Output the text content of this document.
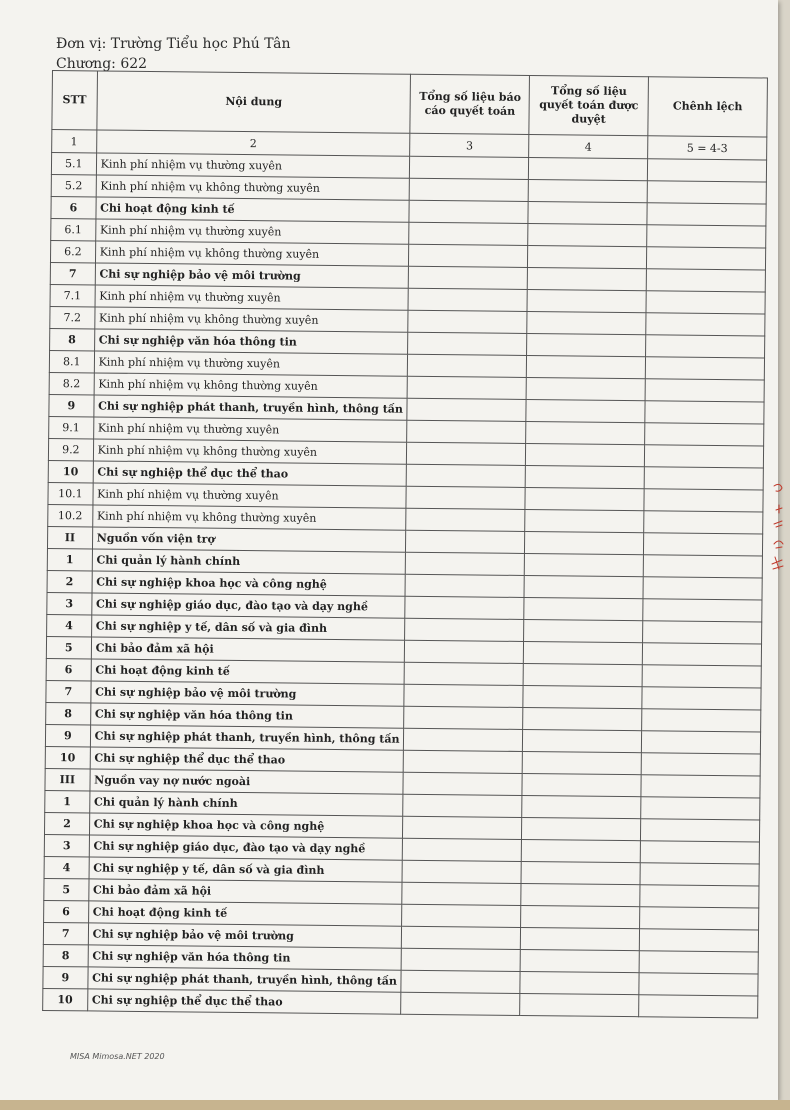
Đơn vị: Trường Tiểu học Phú Tân
Chương: 622
STT	Nội dung	Tổng số liệu báo cáo quyết toán	Tổng số liệu quyết toán được duyệt	Chênh lệch
1	2	3	4	5 = 4-3
5.1	Kinh phí nhiệm vụ thường xuyên			
5.2	Kinh phí nhiệm vụ không thường xuyên			
6	Chi hoạt động kinh tế			
6.1	Kinh phí nhiệm vụ thường xuyên			
6.2	Kinh phí nhiệm vụ không thường xuyên			
7	Chi sự nghiệp bảo vệ môi trường			
7.1	Kinh phí nhiệm vụ thường xuyên			
7.2	Kinh phí nhiệm vụ không thường xuyên			
8	Chi sự nghiệp văn hóa thông tin			
8.1	Kinh phí nhiệm vụ thường xuyên			
8.2	Kinh phí nhiệm vụ không thường xuyên			
9	Chi sự nghiệp phát thanh, truyền hình, thông tấn			
9.1	Kinh phí nhiệm vụ thường xuyên			
9.2	Kinh phí nhiệm vụ không thường xuyên			
10	Chi sự nghiệp thể dục thể thao			
10.1	Kinh phí nhiệm vụ thường xuyên			
10.2	Kinh phí nhiệm vụ không thường xuyên			
II	Nguồn vốn viện trợ			
1	Chi quản lý hành chính			
2	Chi sự nghiệp khoa học và công nghệ			
3	Chi sự nghiệp giáo dục, đào tạo và dạy nghề			
4	Chi sự nghiệp y tế, dân số và gia đình			
5	Chi bảo đảm xã hội			
6	Chi hoạt động kinh tế			
7	Chi sự nghiệp bảo vệ môi trường			
8	Chi sự nghiệp văn hóa thông tin			
9	Chi sự nghiệp phát thanh, truyền hình, thông tấn			
10	Chi sự nghiệp thể dục thể thao			
III	Nguồn vay nợ nước ngoài			
1	Chi quản lý hành chính			
2	Chi sự nghiệp khoa học và công nghệ			
3	Chi sự nghiệp giáo dục, đào tạo và dạy nghề			
4	Chi sự nghiệp y tế, dân số và gia đình			
5	Chi bảo đảm xã hội			
6	Chi hoạt động kinh tế			
7	Chi sự nghiệp bảo vệ môi trường			
8	Chi sự nghiệp văn hóa thông tin			
9	Chi sự nghiệp phát thanh, truyền hình, thông tấn			
10	Chi sự nghiệp thể dục thể thao			
MISA Mimosa.NET 2020
